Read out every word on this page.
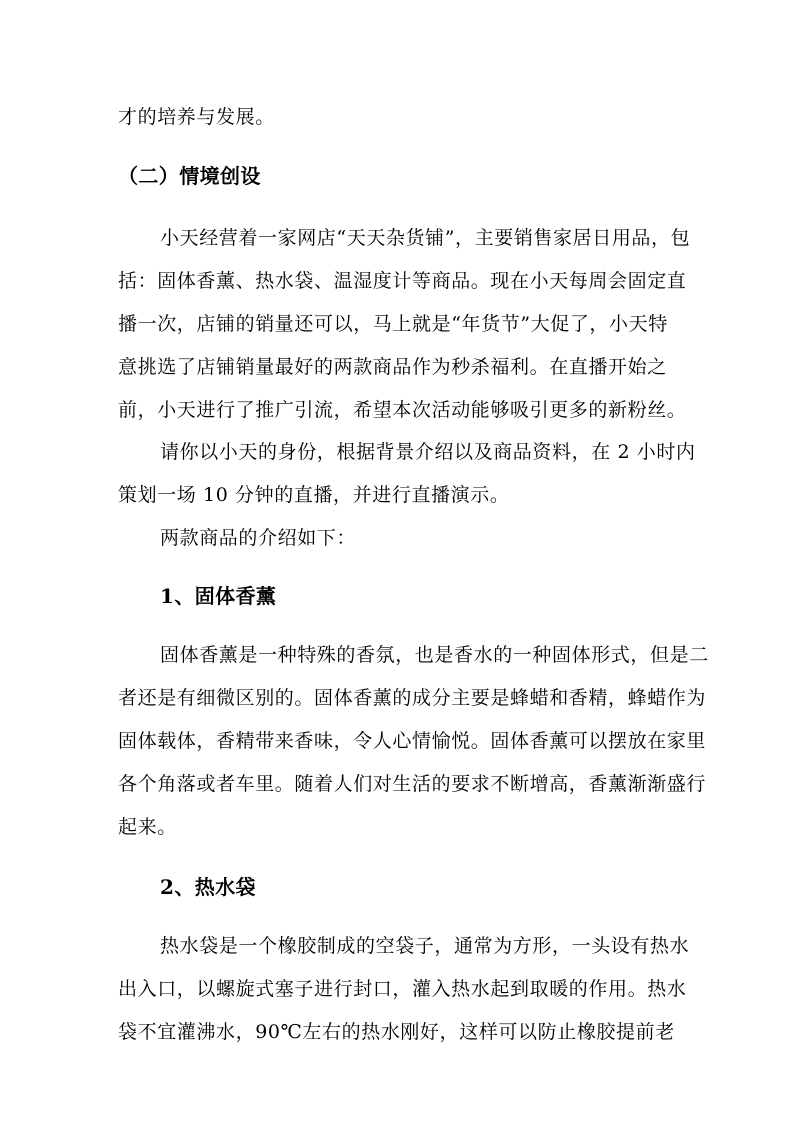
才的培养与发展。
（二）情境创设
小天经营着一家网店“天天杂货铺”，主要销售家居日用品，包
括：固体香薰、热水袋、温湿度计等商品。现在小天每周会固定直
播一次，店铺的销量还可以，马上就是“年货节”大促了，小天特
意挑选了店铺销量最好的两款商品作为秒杀福利。在直播开始之
前，小天进行了推广引流，希望本次活动能够吸引更多的新粉丝。
请你以小天的身份，根据背景介绍以及商品资料，在 2 小时内
策划一场 10 分钟的直播，并进行直播演示。
两款商品的介绍如下：
1、固体香薰
固体香薰是一种特殊的香氛，也是香水的一种固体形式，但是二
者还是有细微区别的。固体香薰的成分主要是蜂蜡和香精，蜂蜡作为
固体载体，香精带来香味，令人心情愉悦。固体香薰可以摆放在家里
各个角落或者车里。随着人们对生活的要求不断增高，香薰渐渐盛行
起来。
2、热水袋
热水袋是一个橡胶制成的空袋子，通常为方形，一头设有热水
出入口，以螺旋式塞子进行封口，灌入热水起到取暖的作用。热水
袋不宜灌沸水，90℃左右的热水刚好，这样可以防止橡胶提前老
